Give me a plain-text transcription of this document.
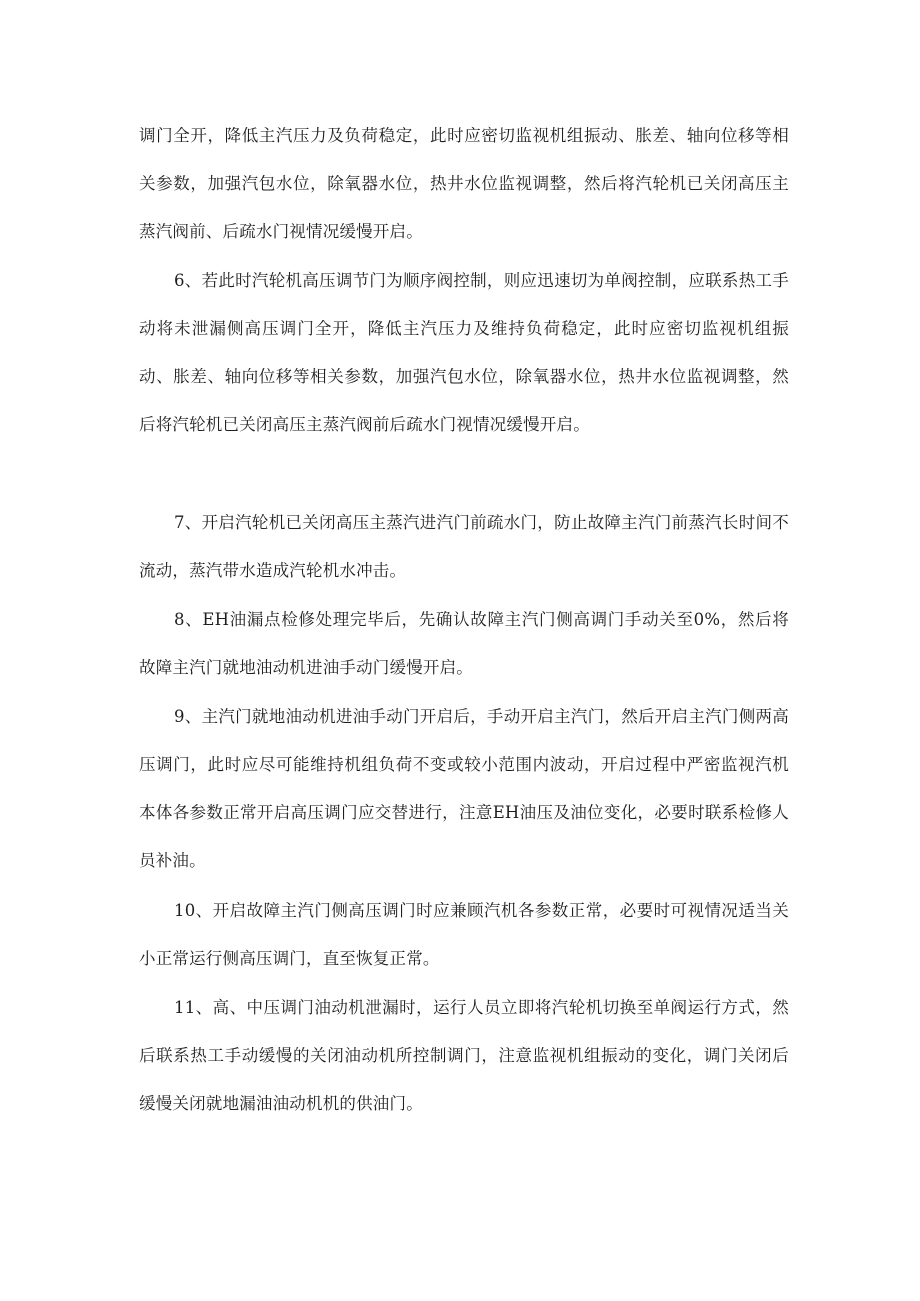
调门全开，降低主汽压力及负荷稳定，此时应密切监视机组振动、胀差、轴向位移等相关参数，加强汽包水位，除氧器水位，热井水位监视调整，然后将汽轮机已关闭高压主蒸汽阀前、后疏水门视情况缓慢开启。

6、若此时汽轮机高压调节门为顺序阀控制，则应迅速切为单阀控制，应联系热工手动将未泄漏侧高压调门全开，降低主汽压力及维持负荷稳定，此时应密切监视机组振动、胀差、轴向位移等相关参数，加强汽包水位，除氧器水位，热井水位监视调整，然后将汽轮机已关闭高压主蒸汽阀前后疏水门视情况缓慢开启。

7、开启汽轮机已关闭高压主蒸汽进汽门前疏水门，防止故障主汽门前蒸汽长时间不流动，蒸汽带水造成汽轮机水冲击。

8、EH油漏点检修处理完毕后，先确认故障主汽门侧高调门手动关至0%，然后将故障主汽门就地油动机进油手动门缓慢开启。

9、主汽门就地油动机进油手动门开启后，手动开启主汽门，然后开启主汽门侧两高压调门，此时应尽可能维持机组负荷不变或较小范围内波动，开启过程中严密监视汽机本体各参数正常开启高压调门应交替进行，注意EH油压及油位变化，必要时联系检修人员补油。

10、开启故障主汽门侧高压调门时应兼顾汽机各参数正常，必要时可视情况适当关小正常运行侧高压调门，直至恢复正常。

11、高、中压调门油动机泄漏时，运行人员立即将汽轮机切换至单阀运行方式，然后联系热工手动缓慢的关闭油动机所控制调门，注意监视机组振动的变化，调门关闭后缓慢关闭就地漏油油动机机的供油门。
